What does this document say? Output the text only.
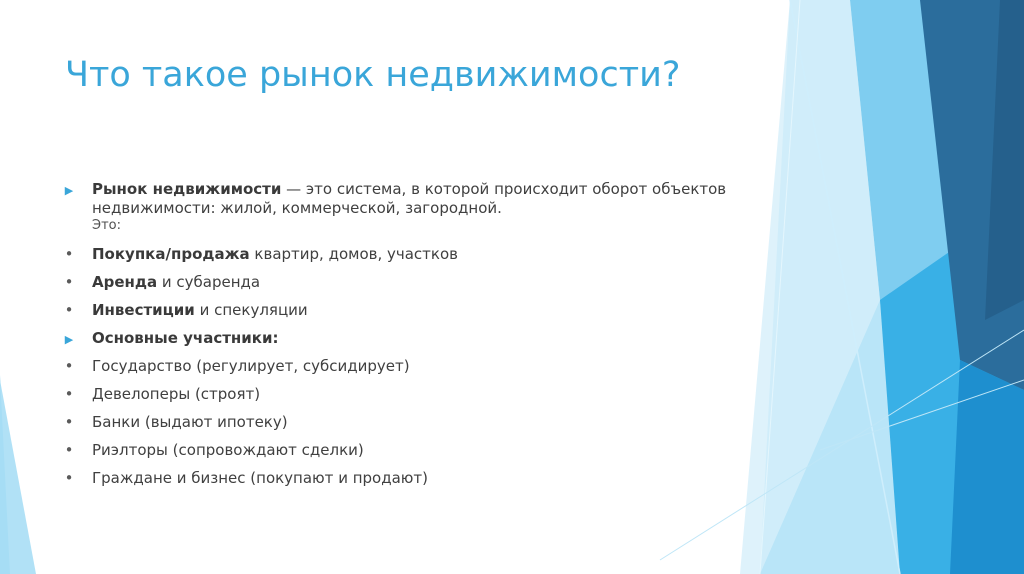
Что такое рынок недвижимости?
▶ Рынок недвижимости — это система, в которой происходит оборот объектов недвижимости: жилой, коммерческой, загородной.
Это:
• Покупка/продажа квартир, домов, участков
• Аренда и субаренда
• Инвестиции и спекуляции
▶ Основные участники:
• Государство (регулирует, субсидирует)
• Девелоперы (строят)
• Банки (выдают ипотеку)
• Риэлторы (сопровождают сделки)
• Граждане и бизнес (покупают и продают)
